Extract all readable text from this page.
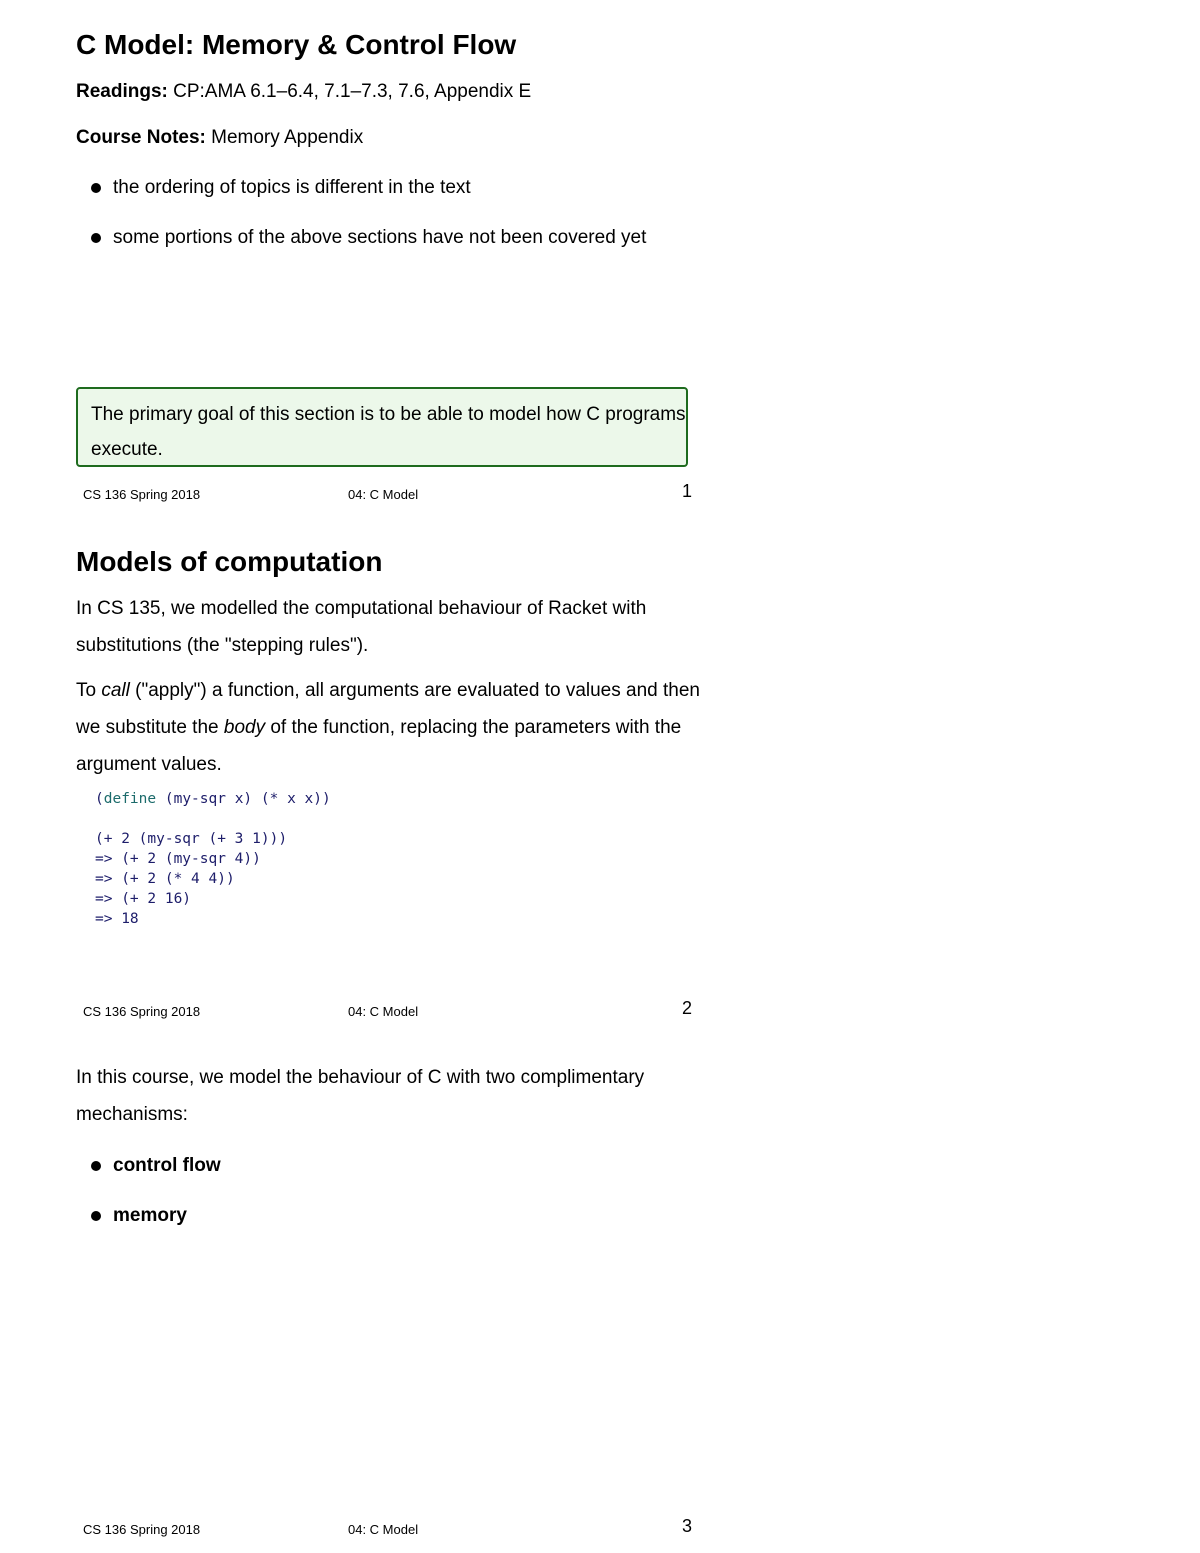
C Model: Memory & Control Flow

Readings: CP:AMA 6.1–6.4, 7.1–7.3, 7.6, Appendix E

Course Notes: Memory Appendix

the ordering of topics is different in the text
some portions of the above sections have not been covered yet
The primary goal of this section is to be able to model how C programs execute.
CS 136 Spring 2018	04: C Model	1
Models of computation

In CS 135, we modelled the computational behaviour of Racket with substitutions (the "stepping rules").

To call ("apply") a function, all arguments are evaluated to values and then we substitute the body of the function, replacing the parameters with the argument values.

(define (my-sqr x) (* x x))

(+ 2 (my-sqr (+ 3 1)))
=> (+ 2 (my-sqr 4))
=> (+ 2 (* 4 4))
=> (+ 2 16)
=> 18
CS 136 Spring 2018	04: C Model	2

In this course, we model the behaviour of C with two complimentary mechanisms:

control flow
memory
CS 136 Spring 2018	04: C Model	3
